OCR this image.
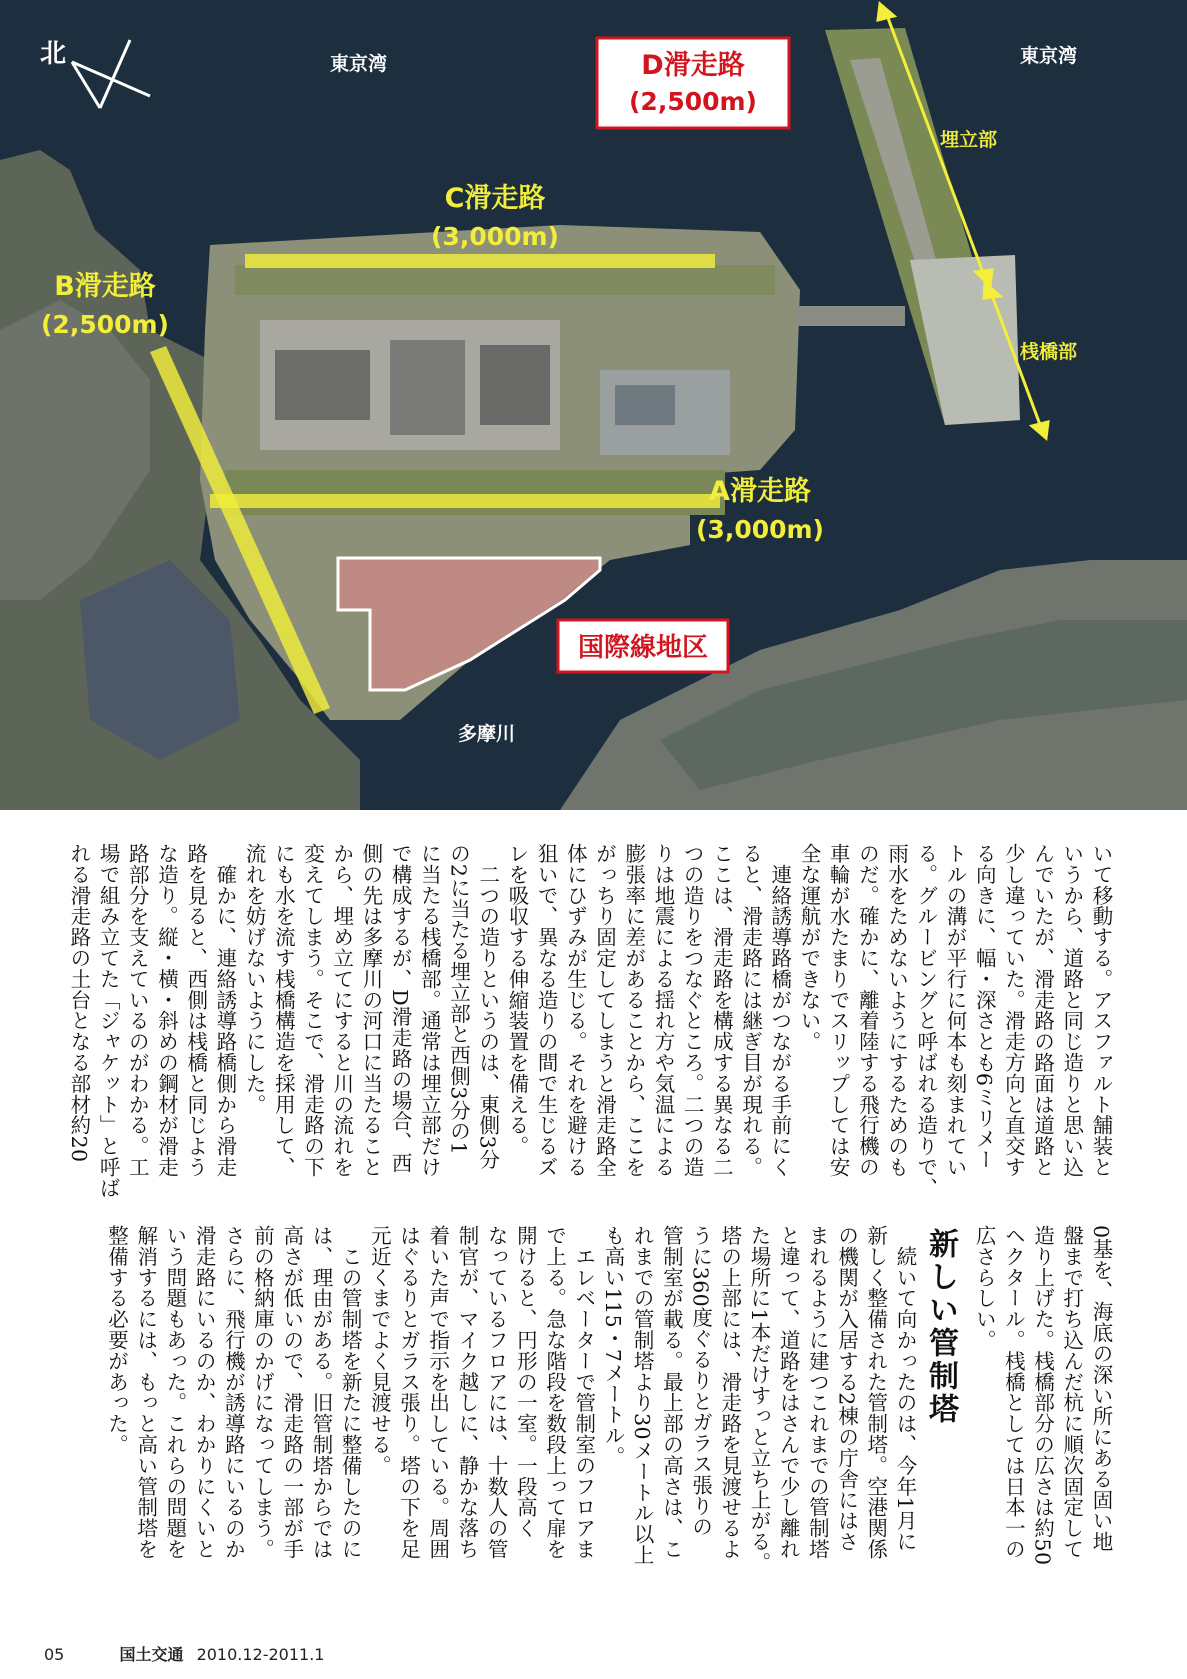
北	東京湾	東京湾
多摩川
D滑走路
(2,500m)
C滑走路
(3,000m)
B滑走路
(2,500m)
A滑走路
(3,000m)
埋立部
桟橋部
国際線地区
いて移動する。アスファルト舗装と
いうから、道路と同じ造りと思い込
んでいたが、滑走路の路面は道路と
少し違っていた。滑走方向と直交す
る向きに、幅・深さとも6ミリメー
トルの溝が平行に何本も刻まれてい
る。グルービングと呼ばれる造りで、
雨水をためないようにするためのも
のだ。確かに、離着陸する飛行機の
車輪が水たまりでスリップしては安
全な運航ができない。
　連絡誘導路橋がつながる手前にく
ると、滑走路には継ぎ目が現れる。
ここは、滑走路を構成する異なる二
つの造りをつなぐところ。二つの造
りは地震による揺れ方や気温による
膨張率に差があることから、ここを
がっちり固定してしまうと滑走路全
体にひずみが生じる。それを避ける
狙いで、異なる造りの間で生じるズ
レを吸収する伸縮装置を備える。
　二つの造りというのは、東側3分
の2に当たる埋立部と西側3分の1
に当たる桟橋部。通常は埋立部だけ
で構成するが、D滑走路の場合、西
側の先は多摩川の河口に当たること
から、埋め立てにすると川の流れを
変えてしまう。そこで、滑走路の下
にも水を流す桟橋構造を採用して、
流れを妨げないようにした。
　確かに、連絡誘導路橋側から滑走
路を見ると、西側は桟橋と同じよう
な造り。縦・横・斜めの鋼材が滑走
路部分を支えているのがわかる。工
場で組み立てた「ジャケット」と呼ば
れる滑走路の土台となる部材約20
0基を、海底の深い所にある固い地
盤まで打ち込んだ杭に順次固定して
造り上げた。桟橋部分の広さは約50
ヘクタール。桟橋としては日本一の
広さらしい。
新しい管制塔
　続いて向かったのは、今年1月に
新しく整備された管制塔。空港関係
の機関が入居する2棟の庁舎にはさ
まれるように建つこれまでの管制塔
と違って、道路をはさんで少し離れ
た場所に1本だけすっと立ち上がる。
塔の上部には、滑走路を見渡せるよ
うに360度ぐるりとガラス張りの
管制室が載る。最上部の高さは、こ
れまでの管制塔より30メートル以上
も高い115・7メートル。
　エレベーターで管制室のフロアま
で上る。急な階段を数段上って扉を
開けると、円形の一室。一段高く
なっているフロアには、十数人の管
制官が、マイク越しに、静かな落ち
着いた声で指示を出している。周囲
はぐるりとガラス張り。塔の下を足
元近くまでよく見渡せる。
　この管制塔を新たに整備したのに
は、理由がある。旧管制塔からでは
高さが低いので、滑走路の一部が手
前の格納庫のかげになってしまう。
さらに、飛行機が誘導路にいるのか
滑走路にいるのか、わかりにくいと
いう問題もあった。これらの問題を
解消するには、もっと高い管制塔を
整備する必要があった。
05	国土交通 2010.12-2011.1
